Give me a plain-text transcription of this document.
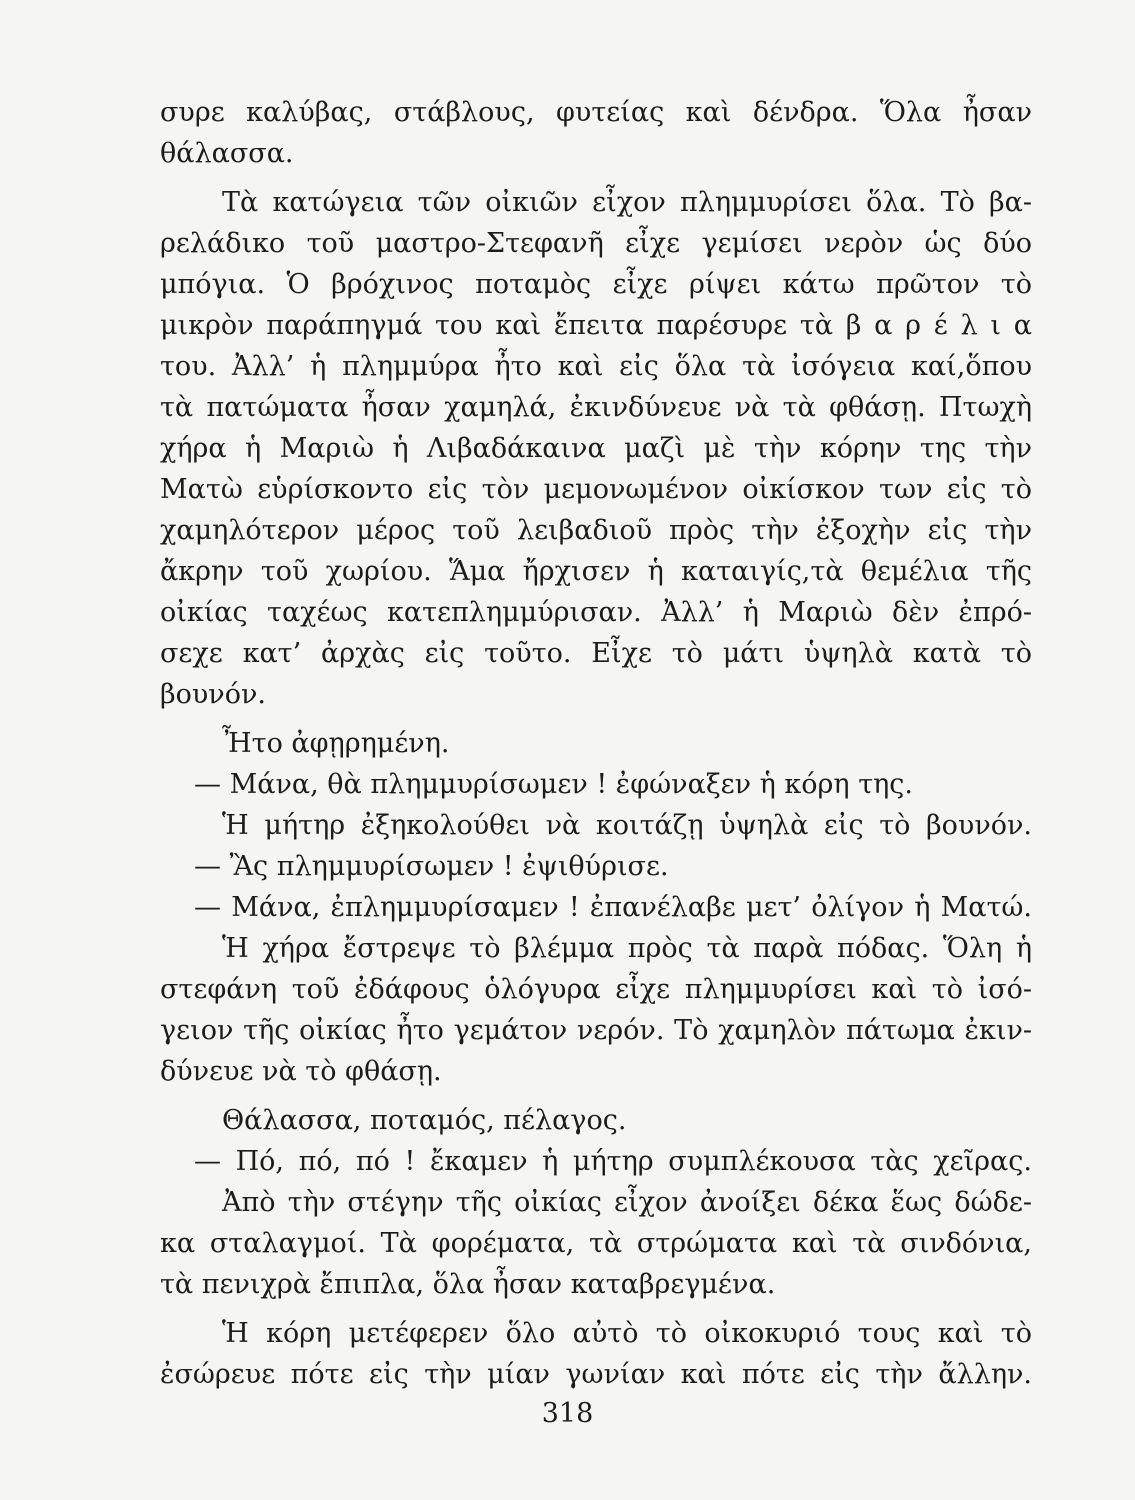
συρε καλύβας, στάβλους, φυτείας καὶ δένδρα. Ὅλα ἦσαν
θάλασσα.
Τὰ κατώγεια τῶν οἰκιῶν εἶχον πλημμυρίσει ὅλα. Τὸ βα-
ρελάδικο τοῦ μαστρο-Στεφανῆ εἶχε γεμίσει νερὸν ὡς δύο
μπόγια. Ὁ βρόχινος ποταμὸς εἶχε ρίψει κάτω πρῶτον τὸ
μικρὸν παράπηγμά του καὶ ἔπειτα παρέσυρε τὰ β α ρ έ λ ι α
του. Ἀλλ’ ἡ πλημμύρα ἦτο καὶ εἰς ὅλα τὰ ἰσόγεια καί,ὅπου
τὰ πατώματα ἦσαν χαμηλά, ἐκινδύνευε νὰ τὰ φθάσῃ. Πτωχὴ
χήρα ἡ Μαριὼ ἡ Λιβαδάκαινα μαζὶ μὲ τὴν κόρην της τὴν
Ματὼ εὑρίσκοντο εἰς τὸν μεμονωμένον οἰκίσκον των εἰς τὸ
χαμηλότερον μέρος τοῦ λειβαδιοῦ πρὸς τὴν ἐξοχὴν εἰς τὴν
ἄκρην τοῦ χωρίου. Ἅμα ἤρχισεν ἡ καταιγίς,τὰ θεμέλια τῆς
οἰκίας ταχέως κατεπλημμύρισαν. Ἀλλ’ ἡ Μαριὼ δὲν ἐπρό-
σεχε κατ’ ἀρχὰς εἰς τοῦτο. Εἶχε τὸ μάτι ὑψηλὰ κατὰ τὸ
βουνόν.
Ἦτο ἀφῃρημένη.
— Μάνα, θὰ πλημμυρίσωμεν ! ἐφώναξεν ἡ κόρη της.
Ἡ μήτηρ ἐξηκολούθει νὰ κοιτάζῃ ὑψηλὰ εἰς τὸ βουνόν.
— Ἂς πλημμυρίσωμεν ! ἐψιθύρισε.
— Μάνα, ἐπλημμυρίσαμεν ! ἐπανέλαβε μετ’ ὀλίγον ἡ Ματώ.
Ἡ χήρα ἔστρεψε τὸ βλέμμα πρὸς τὰ παρὰ πόδας. Ὅλη ἡ
στεφάνη τοῦ ἐδάφους ὁλόγυρα εἶχε πλημμυρίσει καὶ τὸ ἰσό-
γειον τῆς οἰκίας ἦτο γεμάτον νερόν. Τὸ χαμηλὸν πάτωμα ἐκιν-
δύνευε νὰ τὸ φθάσῃ.
Θάλασσα, ποταμός, πέλαγος.
— Πό, πό, πό ! ἔκαμεν ἡ μήτηρ συμπλέκουσα τὰς χεῖρας.
Ἀπὸ τὴν στέγην τῆς οἰκίας εἶχον ἀνοίξει δέκα ἕως δώδε-
κα σταλαγμοί. Τὰ φορέματα, τὰ στρώματα καὶ τὰ σινδόνια,
τὰ πενιχρὰ ἔπιπλα, ὅλα ἦσαν καταβρεγμένα.
Ἡ κόρη μετέφερεν ὅλο αὐτὸ τὸ οἰκοκυριό τους καὶ τὸ
ἐσώρευε πότε εἰς τὴν μίαν γωνίαν καὶ πότε εἰς τὴν ἄλλην.
318
